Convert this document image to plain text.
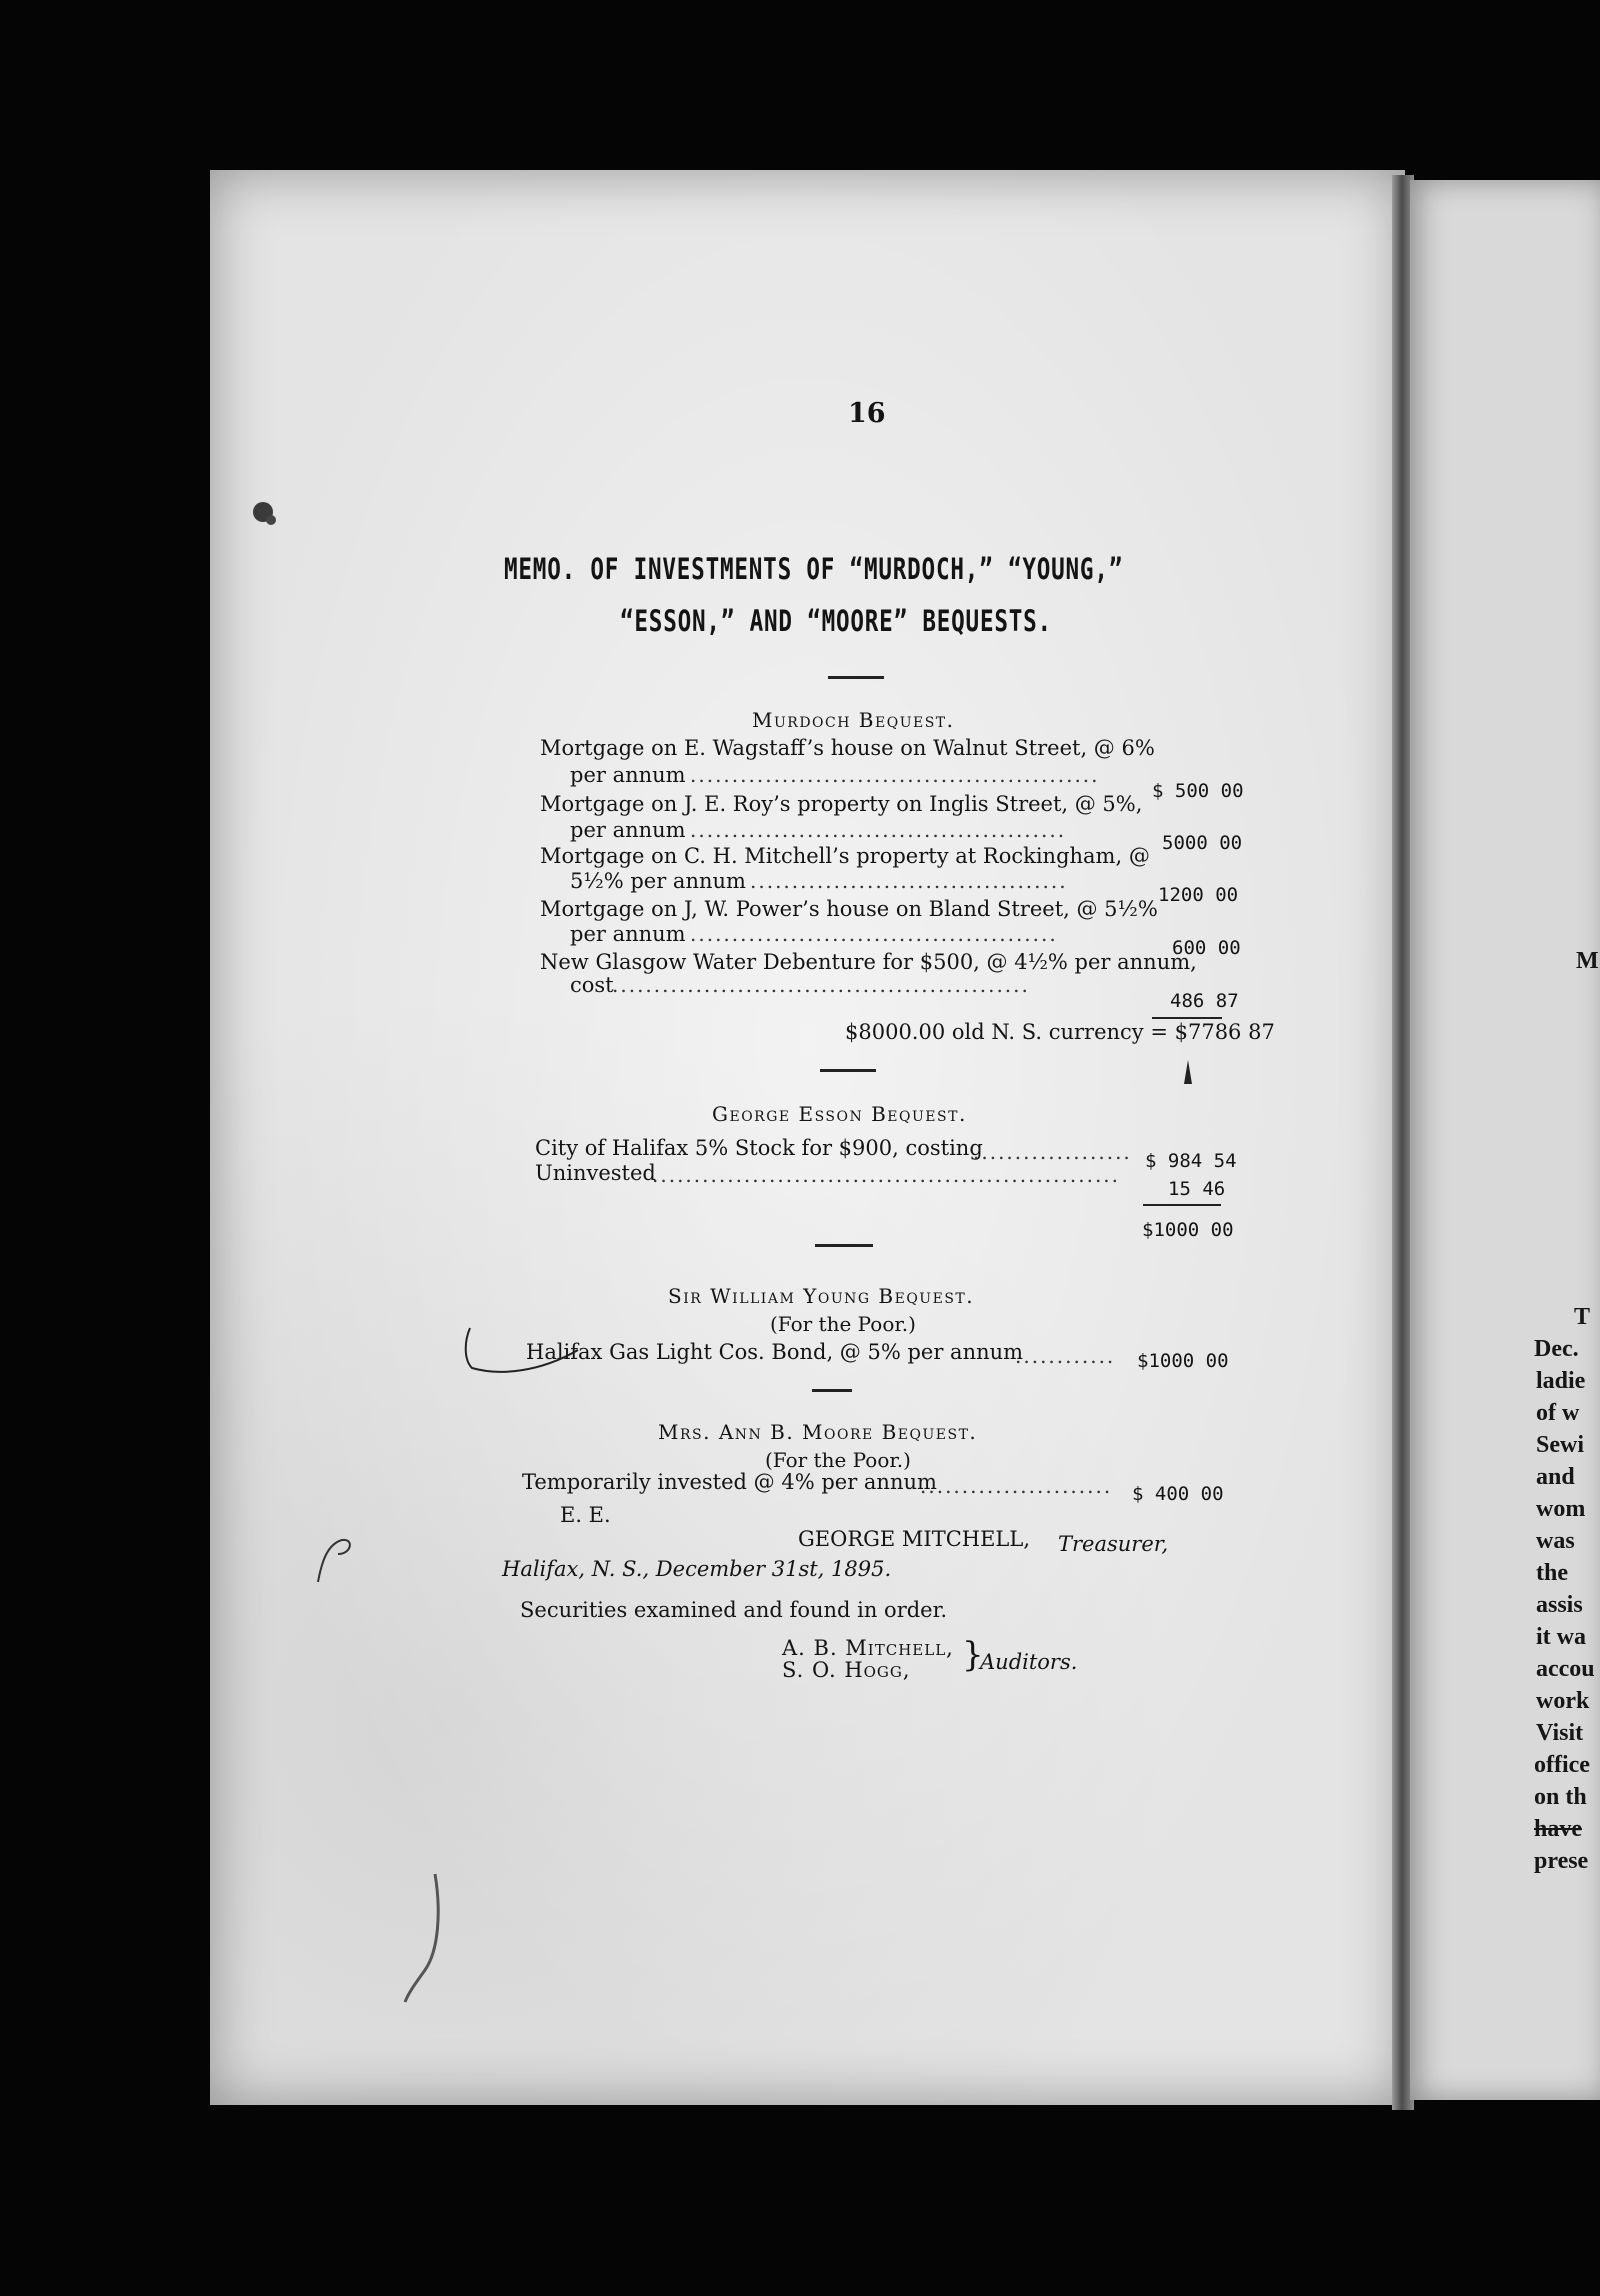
16
MEMO. OF INVESTMENTS OF “MURDOCH,” “YOUNG,”
“ESSON,” AND “MOORE” BEQUESTS.
Murdoch Bequest.
Mortgage on E. Wagstaff’s house on Walnut Street, @ 6%
per annum .................................................
$ 500 00
Mortgage on J. E. Roy’s property on Inglis Street, @ 5%,
per annum .............................................
5000 00
Mortgage on C. H. Mitchell’s property at Rockingham, @
5½% per annum ......................................
1200 00
Mortgage on J, W. Power’s house on Bland Street, @ 5½%
per annum ............................................
600 00
New Glasgow Water Debenture for $500, @ 4½% per annum,
cost
..................................................
486 87
$8000.00 old N. S. currency = $7786 87
George Esson Bequest.
City of Halifax 5% Stock for $900, costing
................... $ 984 54
Uninvested
........................................................
15 46
$1000 00
Sir William Young Bequest.
(For the Poor.)
Halifax Gas Light Cos. Bond, @ 5% per annum
............ $1000 00
Mrs. Ann B. Moore Bequest.
(For the Poor.)
Temporarily invested @ 4% per annum
....................... $ 400 00
E. E.
GEORGE MITCHELL, Treasurer,
Halifax, N. S., December 31st, 1895.
Securities examined and found in order.
A. B. Mitchell,
S. O. Hogg, }
Auditors.
M
T
Dec.
ladie
of w
Sewi
and
wom
was
the
assis
it wa
accou
work
Visit
office
on th
have
prese
